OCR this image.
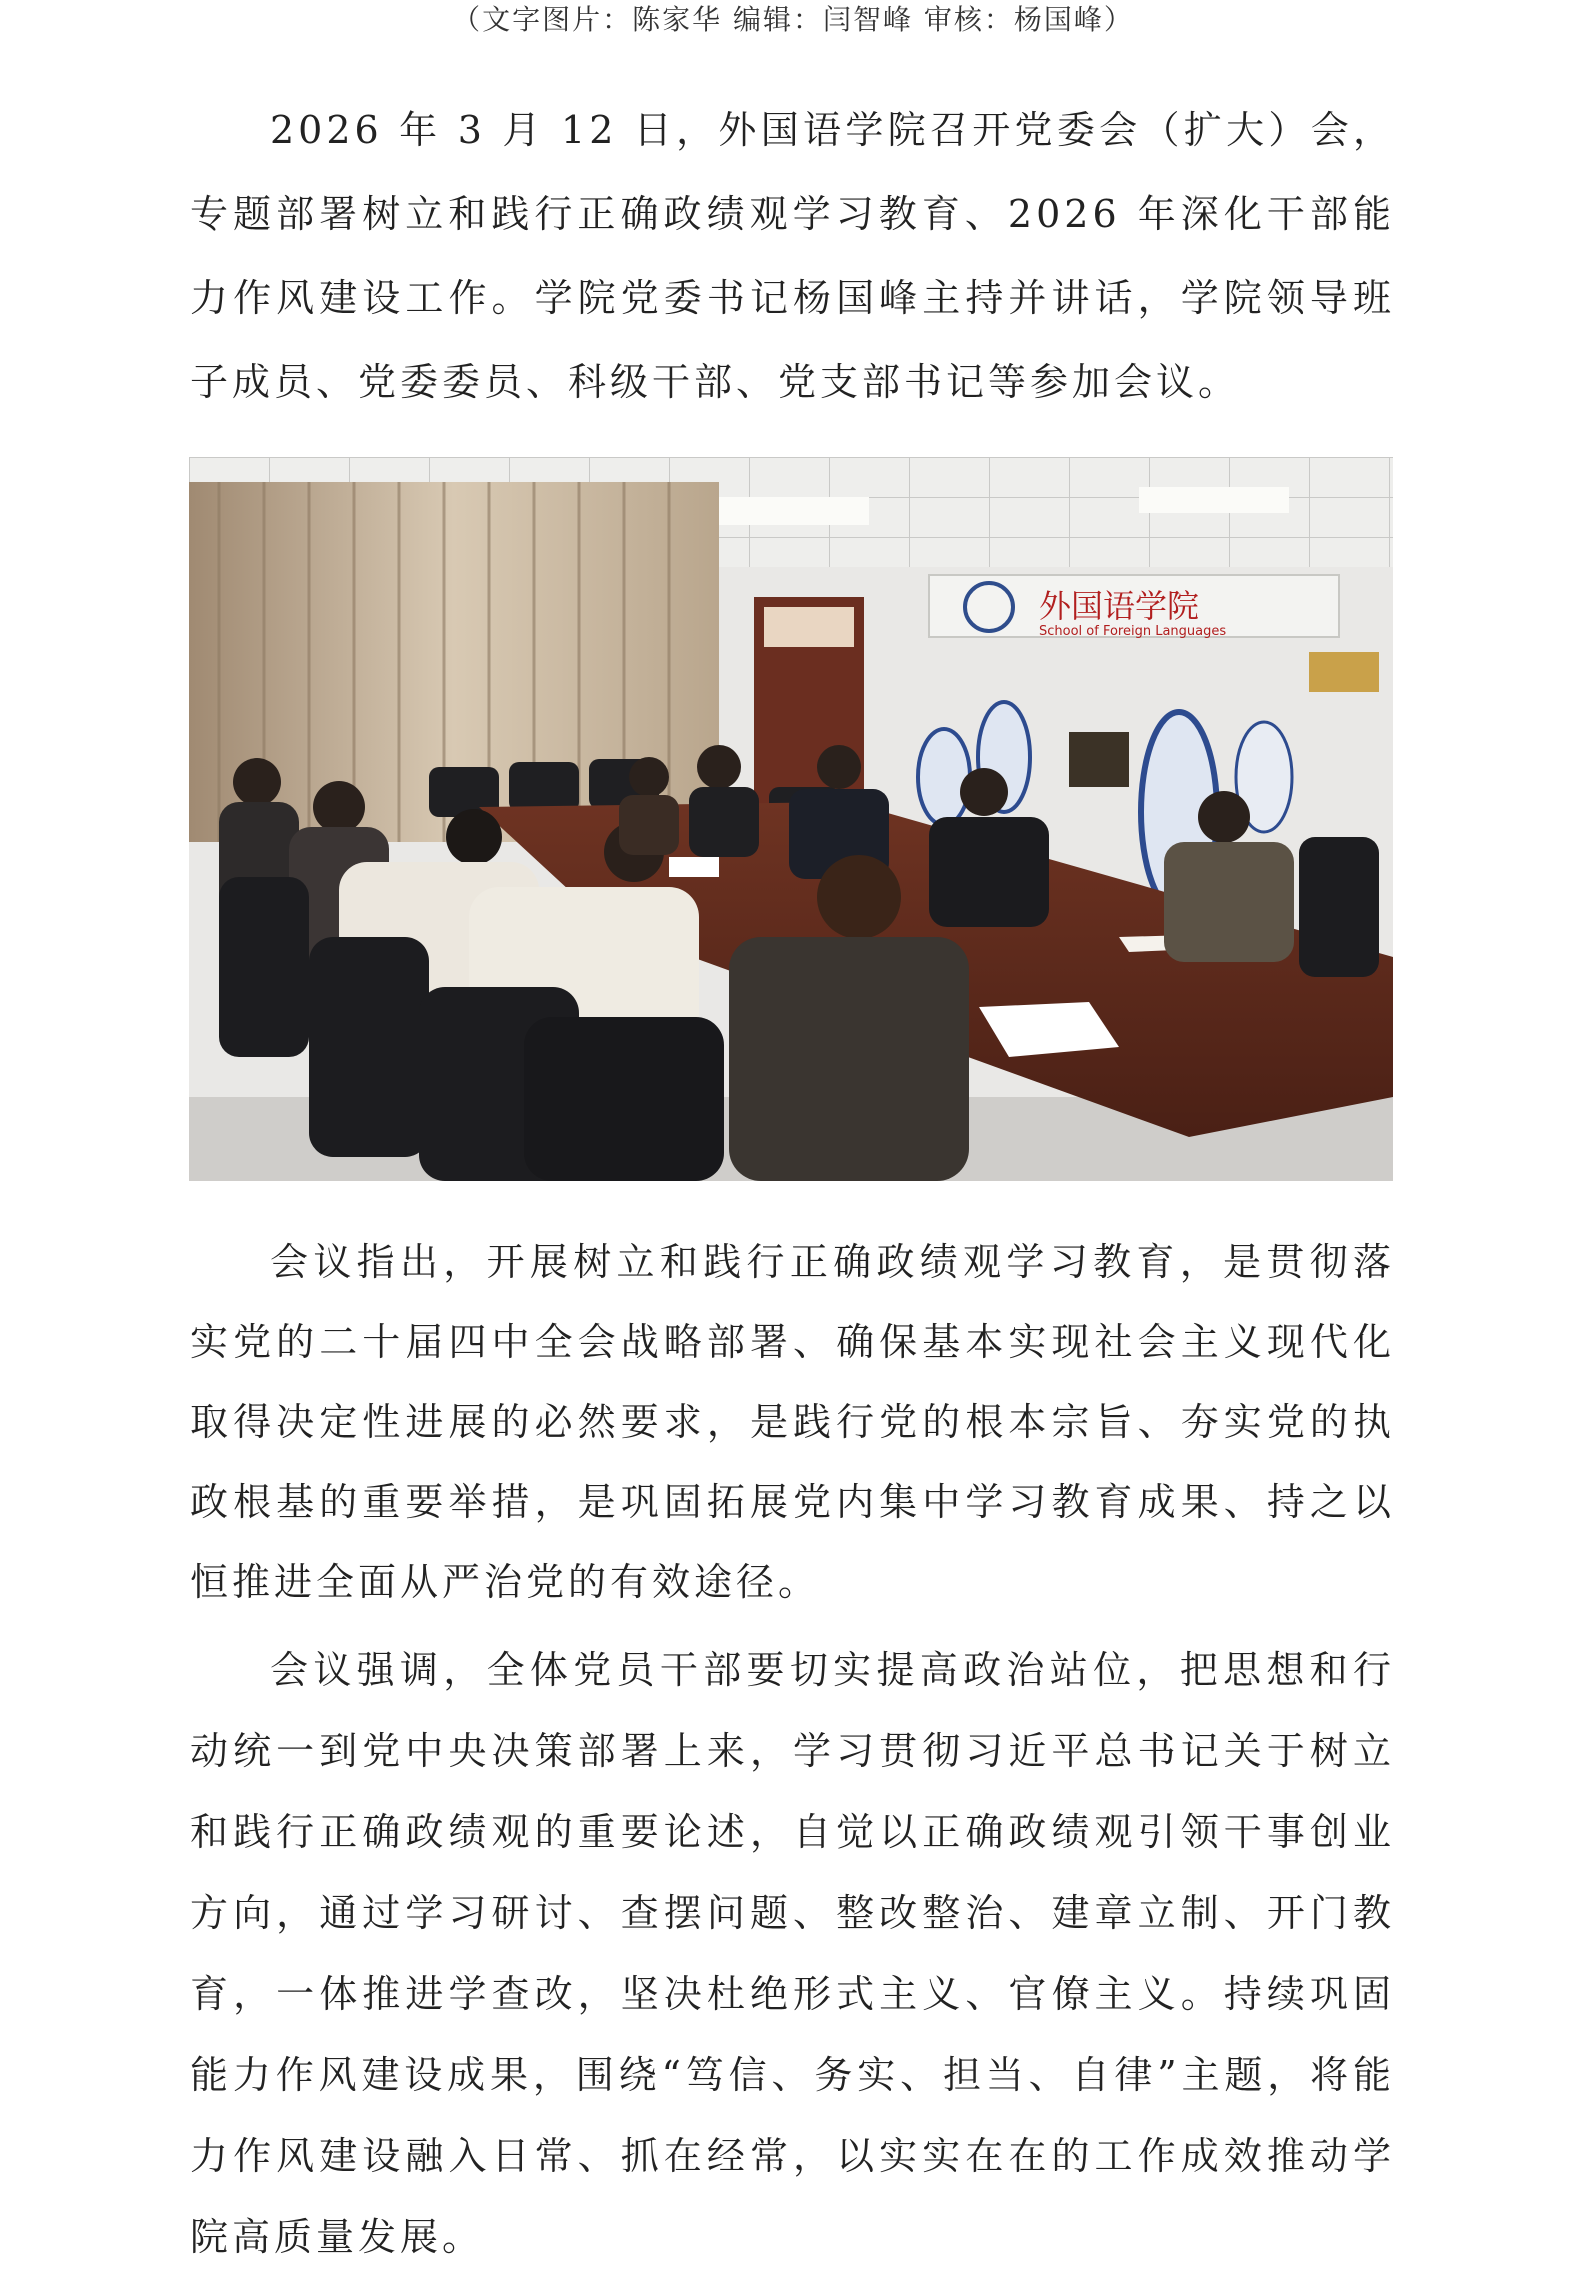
（文字图片：陈家华 编辑：闫智峰 审核：杨国峰）

2026 年 3 月 12 日，外国语学院召开党委会（扩大）会，专题部署树立和践行正确政绩观学习教育、2026 年深化干部能力作风建设工作。学院党委书记杨国峰主持并讲话，学院领导班子成员、党委委员、科级干部、党支部书记等参加会议。

外国语学院
School of Foreign Languages

会议指出，开展树立和践行正确政绩观学习教育，是贯彻落实党的二十届四中全会战略部署、确保基本实现社会主义现代化取得决定性进展的必然要求，是践行党的根本宗旨、夯实党的执政根基的重要举措，是巩固拓展党内集中学习教育成果、持之以恒推进全面从严治党的有效途径。

会议强调，全体党员干部要切实提高政治站位，把思想和行动统一到党中央决策部署上来，学习贯彻习近平总书记关于树立和践行正确政绩观的重要论述，自觉以正确政绩观引领干事创业方向，通过学习研讨、查摆问题、整改整治、建章立制、开门教育，一体推进学查改，坚决杜绝形式主义、官僚主义。持续巩固能力作风建设成果，围绕“笃信、务实、担当、自律”主题，将能力作风建设融入日常、抓在经常，以实实在在的工作成效推动学院高质量发展。
